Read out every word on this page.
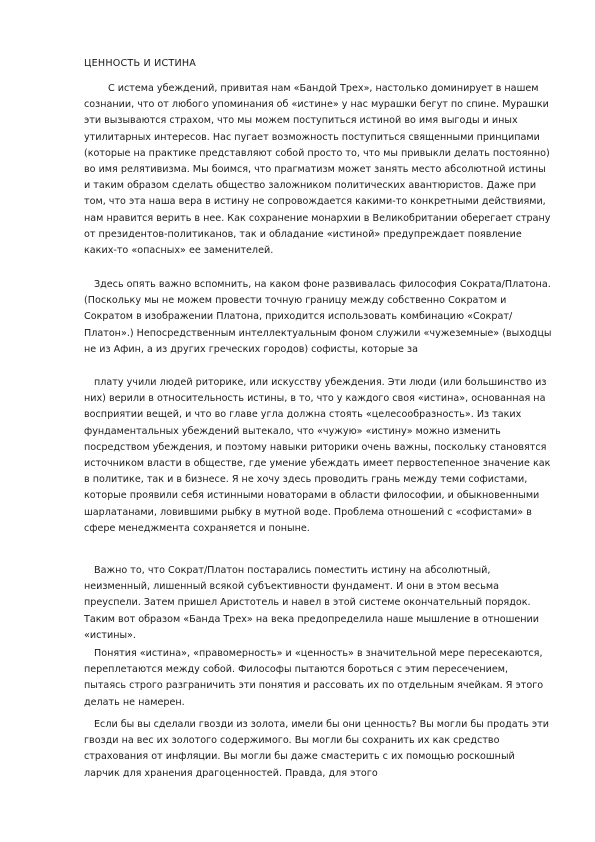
ЦЕННОСТЬ И ИСТИНА

С истема убеждений, привитая нам «Бандой Трех», настолько доминирует в нашем сознании, что от любого упоминания об «истине» у нас мурашки бегут по спине. Мурашки эти вызываются страхом, что мы можем поступиться истиной во имя выгоды и иных утилитарных интересов. Нас пугает возможность поступиться священными принципами (которые на практике представляют собой просто то, что мы привыкли делать постоянно) во имя релятивизма. Мы боимся, что прагматизм может занять место абсолютной истины и таким образом сделать общество заложником политических авантюристов. Даже при том, что эта наша вера в истину не сопровождается какими-то конкретными действиями, нам нравится верить в нее. Как сохранение монархии в Великобритании оберегает страну от президентов-политиканов, так и обладание «истиной» предупреждает появление каких-то «опасных» ее заменителей.

Здесь опять важно вспомнить, на каком фоне развивалась философия Сократа/Платона. (Поскольку мы не можем провести точную границу между собственно Сократом и Сократом в изображении Платона, приходится использовать комбинацию «Сократ/ Платон».) Непосредственным интеллектуальным фоном служили «чужеземные» (выходцы не из Афин, а из других греческих городов) софисты, которые за

плату учили людей риторике, или искусству убеждения. Эти люди (или большинство из них) верили в относительность истины, в то, что у каждого своя «истина», основанная на восприятии вещей, и что во главе угла должна стоять «целесообразность». Из таких фундаментальных убеждений вытекало, что «чужую» «истину» можно изменить посредством убеждения, и поэтому навыки риторики очень важны, поскольку становятся источником власти в обществе, где умение убеждать имеет первостепенное значение как в политике, так и в бизнесе. Я не хочу здесь проводить грань между теми софистами, которые проявили себя истинными новаторами в области философии, и обыкновенными шарлатанами, ловившими рыбку в мутной воде. Проблема отношений с «софистами» в сфере менеджмента сохраняется и поныне.

Важно то, что Сократ/Платон постарались поместить истину на абсолютный, неизменный, лишенный всякой субъективности фундамент. И они в этом весьма преуспели. Затем пришел Аристотель и навел в этой системе окончательный порядок. Таким вот образом «Банда Трех» на века предопределила наше мышление в отношении «истины».

Понятия «истина», «правомерность» и «ценность» в значительной мере пересекаются, переплетаются между собой. Философы пытаются бороться с этим пересечением, пытаясь строго разграничить эти понятия и рассовать их по отдельным ячейкам. Я этого делать не намерен.

Если бы вы сделали гвозди из золота, имели бы они ценность? Вы могли бы продать эти гвозди на вес их золотого содержимого. Вы могли бы сохранить их как средство страхования от инфляции. Вы могли бы даже смастерить с их помощью роскошный ларчик для хранения драгоценностей. Правда, для этого
